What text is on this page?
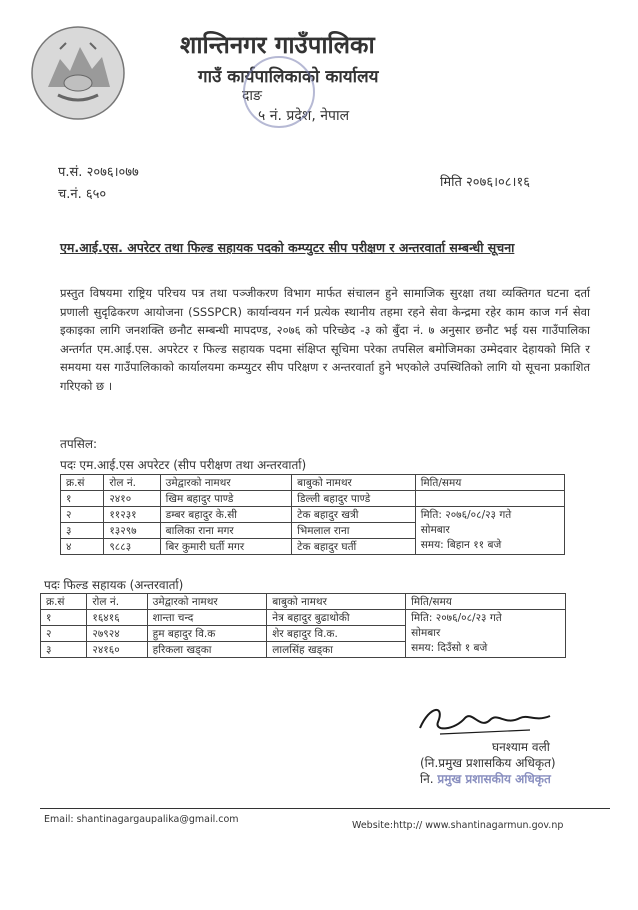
शान्तिनगर गाउँपालिका
गाउँ कार्यपालिकाको कार्यालय
दाङ
५ नं. प्रदेश, नेपाल
प.सं. २०७६।०७७
च.नं. ६५०
मिति २०७६।०८।१६
एम.आई.एस. अपरेटर तथा फिल्ड सहायक पदको कम्प्युटर सीप परीक्षण र अन्तरवार्ता सम्बन्धी सूचना
प्रस्तुत विषयमा राष्ट्रिय परिचय पत्र तथा पञ्जीकरण विभाग मार्फत संचालन हुने सामाजिक सुरक्षा तथा व्यक्तिगत घटना दर्ता प्रणाली सुदृढिकरण आयोजना (SSSPCR) कार्यान्वयन गर्न प्रत्येक स्थानीय तहमा रहने सेवा केन्द्रमा रहेर काम काज गर्न सेवा इकाइका लागि जनशक्ति छनौट सम्बन्धी मापदण्ड, २०७६ को परिच्छेद -३ को बुँदा नं. ७ अनुसार छनौट भई यस गाउँपालिका अन्तर्गत एम.आई.एस. अपरेटर र फिल्ड सहायक पदमा संक्षिप्त सूचिमा परेका तपसिल बमोजिमका उम्मेदवार देहायको मिति र समयमा यस गाउँपालिकाको कार्यालयमा कम्प्युटर सीप परिक्षण र अन्तरवार्ता हुने भएकोले उपस्थितिको लागि यो सूचना प्रकाशित गरिएको छ ।
तपसिल:
पदः एम.आई.एस अपरेटर (सीप परीक्षण तथा अन्तरवार्ता)
क्र.सं	रोल नं.	उमेद्वारको नामथर	बाबुको नामथर	मिति/समय
१	२४१०	खिम बहादुर पाण्डे	डिल्ली बहादुर पाण्डे	
२	११२३१	डम्बर बहादुर के.सी	टेक बहादुर खत्री	मिति: २०७६/०८/२३ गते
सोमबार
समय: बिहान ११ बजे

३	१३२९७	बालिका राना मगर	भिमलाल राना	
४	९८८३	बिर कुमारी घर्ती मगर	टेक बहादुर घर्ती	
पदः फिल्ड सहायक (अन्तरवार्ता)
क्र.सं	रोल नं.	उमेद्वारको नामथर	बाबुको नामथर	मिति/समय
१	१६४१६	शान्ता चन्द	नेत्र बहादुर बुढाथोकी	मिति: २०७६/०८/२३ गते
सोमबार
समय: दिउँसो १ बजे

२	२७९२४	हुम बहादुर वि.क	शेर बहादुर वि.क.	
३	२४१६०	हरिकला खड्का	लालसिंह खड्का	
घनश्याम वली
(नि.प्रमुख प्रशासकिय अधिकृत)
नि. प्रमुख प्रशासकीय अधिकृत
Email: shantinagargaupalika@gmail.com
Website:http:// www.shantinagarmun.gov.np
